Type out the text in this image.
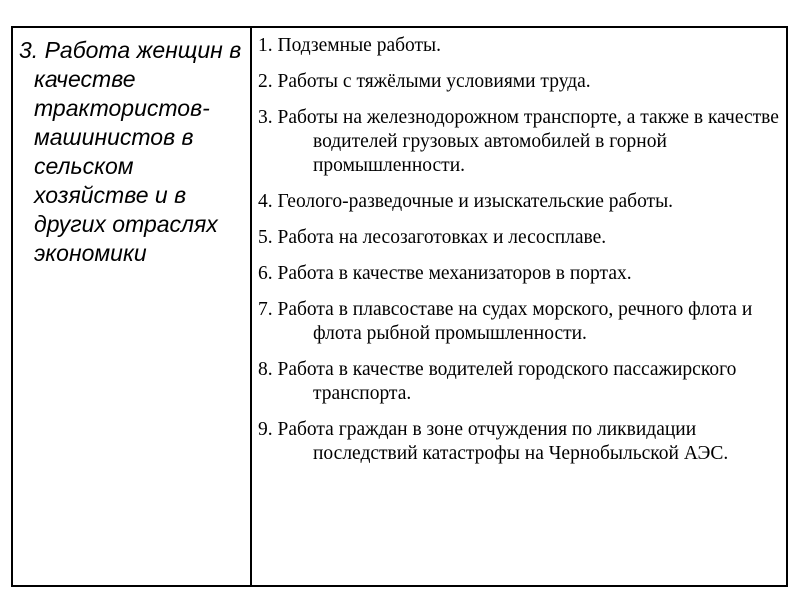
3. Работа женщин в качестве трактористов-машинистов в сельском хозяйстве и в других отраслях экономики

1. Подземные работы.

2. Работы с тяжёлыми условиями труда.

3. Работы на железнодорожном транспорте, а также в качестве водителей грузовых автомобилей в горной промышленности.

4. Геолого-разведочные и изыскательские работы.

5. Работа на лесозаготовках и лесосплаве.

6. Работа в качестве механизаторов в портах.

7. Работа в плавсоставе на судах морского, речного флота и флота рыбной промышленности.

8. Работа в качестве водителей городского пассажирского транспорта.

9. Работа граждан в зоне отчуждения по ликвидации последствий катастрофы на Чернобыльской АЭС.
